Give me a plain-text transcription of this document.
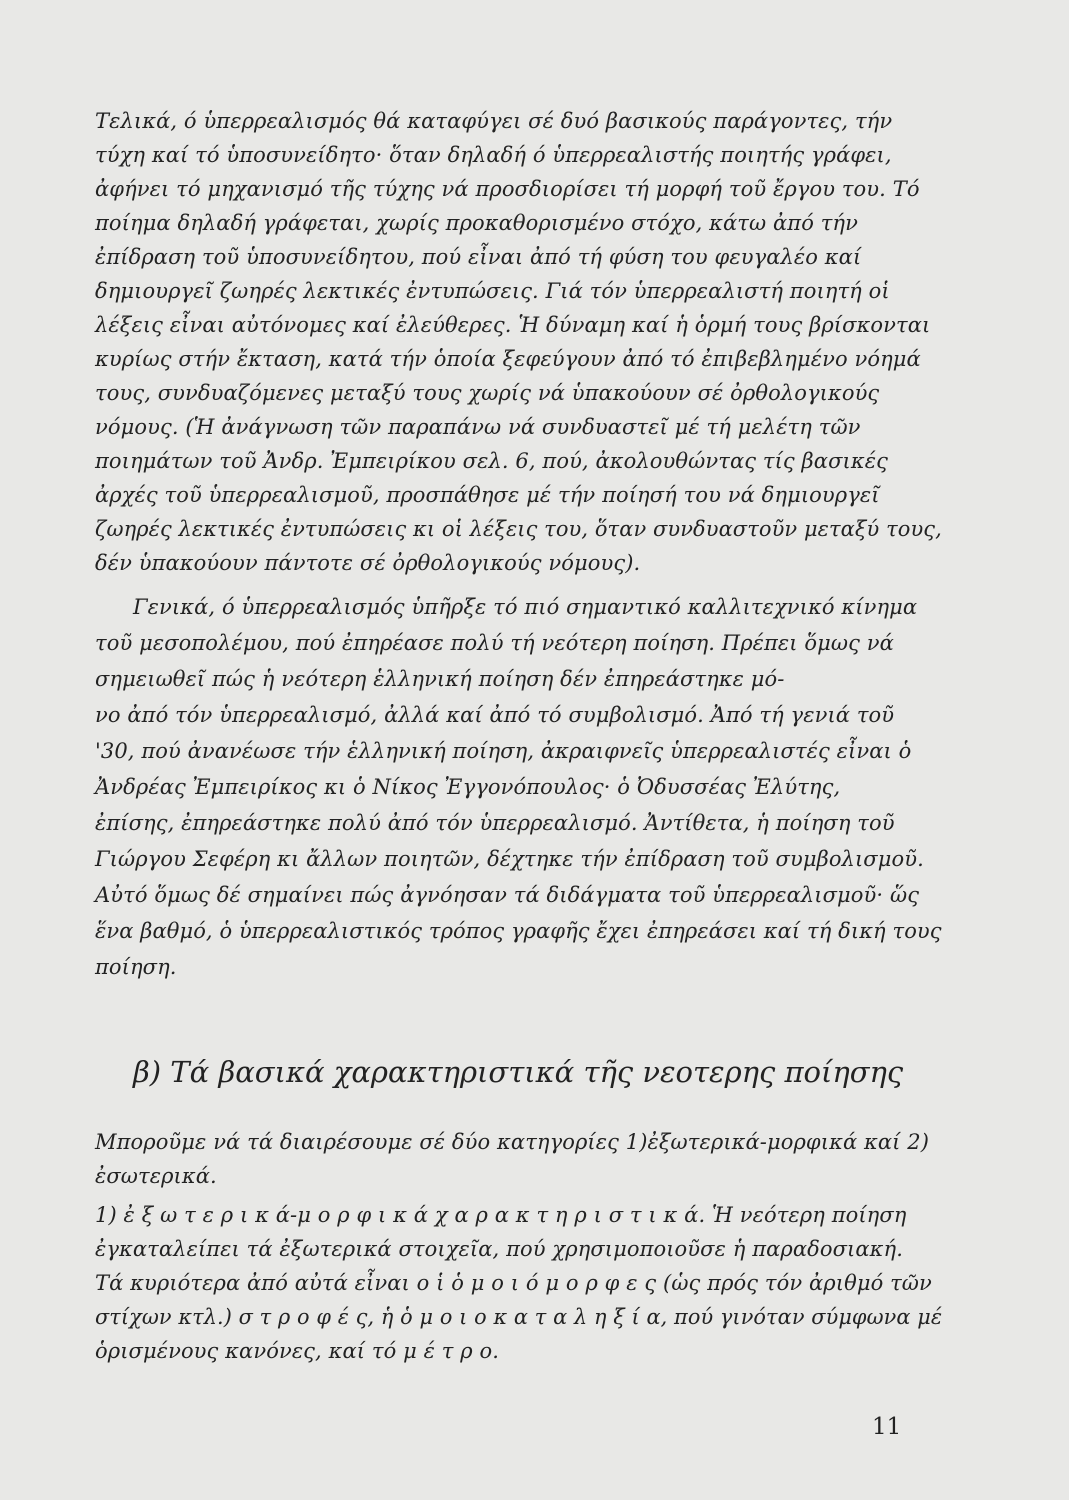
Τελικά, ό ὑπερρεαλισμός θά καταφύγει σέ δυό βασικούς παράγοντες, τήν
τύχη καί τό ὑποσυνείδητο· ὅταν δηλαδή ό ὑπερρεαλιστής ποιητής γράφει,
ἀφήνει τό μηχανισμό τῆς τύχης νά προσδιορίσει τή μορφή τοῦ ἔργου του. Τό
ποίημα δηλαδή γράφεται, χωρίς προκαθορισμένο στόχο, κάτω ἀπό τήν
ἐπίδραση τοῦ ὑποσυνείδητου, πού εἶναι ἀπό τή φύση του φευγαλέο καί
δημιουργεῖ ζωηρές λεκτικές ἐντυπώσεις. Γιά τόν ὑπερρεαλιστή ποιητή οἱ
λέξεις εἶναι αὐτόνομες καί ἐλεύθερες. Ἡ δύναμη καί ἡ ὁρμή τους βρίσκονται
κυρίως στήν ἔκταση, κατά τήν ὁποία ξεφεύγουν ἀπό τό ἐπιβεβλημένο νόημά
τους, συνδυαζόμενες μεταξύ τους χωρίς νά ὑπακούουν σέ ὀρθολογικούς
νόμους. (Ἡ ἀνάγνωση τῶν παραπάνω νά συνδυαστεῖ μέ τή μελέτη τῶν
ποιημάτων τοῦ Ἀνδρ. Ἐμπειρίκου σελ. 6, πού, ἀκολουθώντας τίς βασικές
ἀρχές τοῦ ὑπερρεαλισμοῦ, προσπάθησε μέ τήν ποίησή του νά δημιουργεῖ
ζωηρές λεκτικές ἐντυπώσεις κι οἱ λέξεις του, ὅταν συνδυαστοῦν μεταξύ τους,
δέν ὑπακούουν πάντοτε σέ ὀρθολογικούς νόμους).
Γενικά, ό ὑπερρεαλισμός ὑπῆρξε τό πιό σημαντικό καλλιτεχνικό κίνημα
τοῦ μεσοπολέμου, πού ἐπηρέασε πολύ τή νεότερη ποίηση. Πρέπει ὅμως νά
σημειωθεῖ πώς ἡ νεότερη ἑλληνική ποίηση δέν ἐπηρεάστηκε μό-
νο ἀπό τόν ὑπερρεαλισμό, ἀλλά καί ἀπό τό συμβολισμό. Ἀπό τή γενιά τοῦ
'30, πού ἀνανέωσε τήν ἑλληνική ποίηση, ἀκραιφνεῖς ὑπερρεαλιστές εἶναι ὁ
Ἀνδρέας Ἐμπειρίκος κι ὁ Νίκος Ἐγγονόπουλος· ὁ Ὀδυσσέας Ἐλύτης,
ἐπίσης, ἐπηρεάστηκε πολύ ἀπό τόν ὑπερρεαλισμό. Ἀντίθετα, ἡ ποίηση τοῦ
Γιώργου Σεφέρη κι ἄλλων ποιητῶν, δέχτηκε τήν ἐπίδραση τοῦ συμβολισμοῦ.
Αὐτό ὅμως δέ σημαίνει πώς ἀγνόησαν τά διδάγματα τοῦ ὑπερρεαλισμοῦ· ὥς
ἕνα βαθμό, ὁ ὑπερρεαλιστικός τρόπος γραφῆς ἔχει ἐπηρεάσει καί τή δική τους
ποίηση.
β) Τά βασικά χαρακτηριστικά τῆς νεοτερης ποίησης
Μποροῦμε νά τά διαιρέσουμε σέ δύο κατηγορίες 1)ἐξωτερικά-μορφικά καί 2)
ἐσωτερικά.
1) ἐ ξ ω τ ε ρ ι κ ά-μ ο ρ φ ι κ ά χ α ρ α κ τ η ρ ι σ τ ι κ ά. Ἡ νεότερη ποίηση
ἐγκαταλείπει τά ἐξωτερικά στοιχεῖα, πού χρησιμοποιοῦσε ἡ παραδοσιακή.
Τά κυριότερα ἀπό αὐτά εἶναι ο ἱ ὁ μ ο ι ό μ ο ρ φ ε ς (ὡς πρός τόν ἀριθμό τῶν
στίχων κτλ.) σ τ ρ ο φ έ ς, ἡ ὁ μ ο ι ο κ α τ α λ η ξ ί α, πού γινόταν σύμφωνα μέ
ὁρισμένους κανόνες, καί τό μ έ τ ρ ο.
11
